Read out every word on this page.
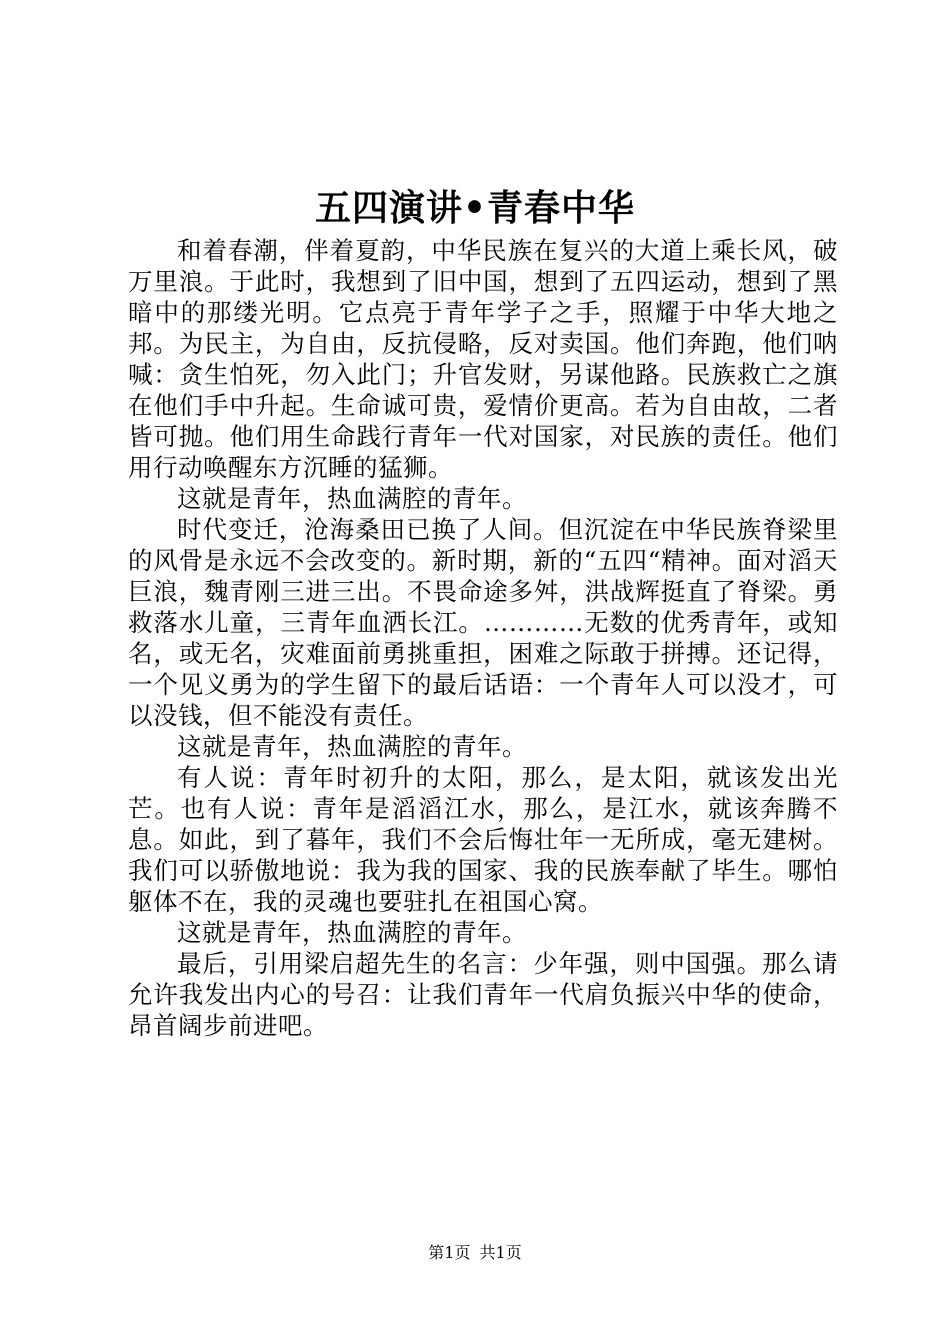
五四演讲•青春中华

和着春潮，伴着夏韵，中华民族在复兴的大道上乘长风，破万里浪。于此时，我想到了旧中国，想到了五四运动，想到了黑暗中的那缕光明。它点亮于青年学子之手，照耀于中华大地之邦。为民主，为自由，反抗侵略，反对卖国。他们奔跑，他们呐喊：贪生怕死，勿入此门；升官发财，另谋他路。民族救亡之旗在他们手中升起。生命诚可贵，爱情价更高。若为自由故，二者皆可抛。他们用生命践行青年一代对国家，对民族的责任。他们用行动唤醒东方沉睡的猛狮。

这就是青年，热血满腔的青年。

时代变迁，沧海桑田已换了人间。但沉淀在中华民族脊梁里的风骨是永远不会改变的。新时期，新的“五四“精神。面对滔天巨浪，魏青刚三进三出。不畏命途多舛，洪战辉挺直了脊梁。勇救落水儿童，三青年血洒长江。…………无数的优秀青年，或知名，或无名，灾难面前勇挑重担，困难之际敢于拼搏。还记得，一个见义勇为的学生留下的最后话语：一个青年人可以没才，可以没钱，但不能没有责任。

这就是青年，热血满腔的青年。

有人说：青年时初升的太阳，那么，是太阳，就该发出光芒。也有人说：青年是滔滔江水，那么，是江水，就该奔腾不息。如此，到了暮年，我们不会后悔壮年一无所成，毫无建树。我们可以骄傲地说：我为我的国家、我的民族奉献了毕生。哪怕躯体不在，我的灵魂也要驻扎在祖国心窝。

这就是青年，热血满腔的青年。

最后，引用梁启超先生的名言：少年强，则中国强。那么请允许我发出内心的号召：让我们青年一代肩负振兴中华的使命，昂首阔步前进吧。

第1页 共1页
